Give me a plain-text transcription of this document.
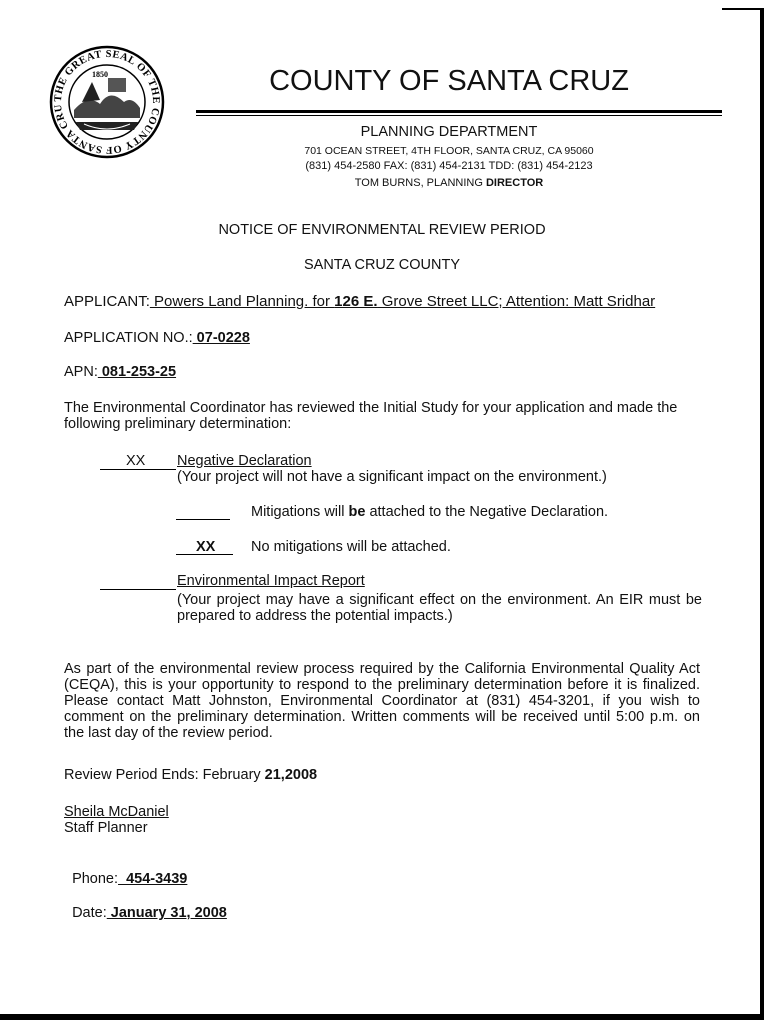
THE GREAT SEAL OF THE COUNTY OF SANTA CRU
1850	COUNTY OF SANTA CRUZ
PLANNING DEPARTMENT
701 OCEAN STREET, 4TH FLOOR, SANTA CRUZ, CA 95060
(831) 454-2580 FAX: (831) 454-2131 TDD: (831) 454-2123
TOM BURNS, PLANNING DIRECTOR
NOTICE OF ENVIRONMENTAL REVIEW PERIOD
SANTA CRUZ COUNTY
APPLICANT: Powers Land Planning. for 126 E. Grove Street LLC; Attention: Matt Sridhar
APPLICATION NO.: 07-0228
APN: 081-253-25
The Environmental Coordinator has reviewed the Initial Study for your application and made the following preliminary determination:
XX Negative Declaration
(Your project will not have a significant impact on the environment.)
Mitigations will be attached to the Negative Declaration.
XX No mitigations will be attached.
Environmental Impact Report
(Your project may have a significant effect on the environment. An EIR must be prepared to address the potential impacts.)
As part of the environmental review process required by the California Environmental Quality Act (CEQA), this is your opportunity to respond to the preliminary determination before it is finalized. Please contact Matt Johnston, Environmental Coordinator at (831) 454-3201, if you wish to comment on the preliminary determination. Written comments will be received until 5:00 p.m. on the last day of the review period.
Review Period Ends: February 21,2008
Sheila McDaniel
Staff Planner

Phone:  454-3439

Date: January 31, 2008
